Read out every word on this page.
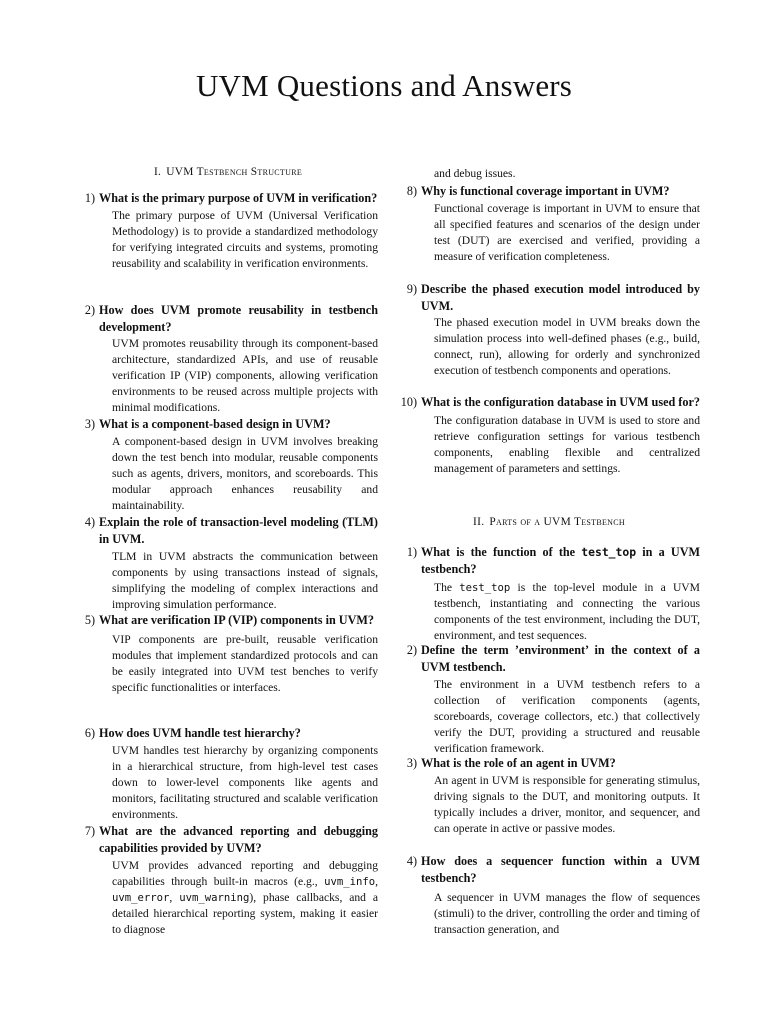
UVM Questions and Answers
I. UVM Testbench Structure
1) What is the primary purpose of UVM in verification?
The primary purpose of UVM (Universal Verification Methodology) is to provide a standardized methodology for verifying integrated circuits and systems, promoting reusability and scalability in verification environments.
2) How does UVM promote reusability in testbench development?
UVM promotes reusability through its component-based architecture, standardized APIs, and use of reusable verification IP (VIP) components, allowing verification environments to be reused across multiple projects with minimal modifications.
3) What is a component-based design in UVM?
A component-based design in UVM involves breaking down the test bench into modular, reusable components such as agents, drivers, monitors, and scoreboards. This modular approach enhances reusability and maintainability.
4) Explain the role of transaction-level modeling (TLM) in UVM.
TLM in UVM abstracts the communication between components by using transactions instead of signals, simplifying the modeling of complex interactions and improving simulation performance.
5) What are verification IP (VIP) components in UVM?
VIP components are pre-built, reusable verification modules that implement standardized protocols and can be easily integrated into UVM test benches to verify specific functionalities or interfaces.
6) How does UVM handle test hierarchy?
UVM handles test hierarchy by organizing components in a hierarchical structure, from high-level test cases down to lower-level components like agents and monitors, facilitating structured and scalable verification environments.
7) What are the advanced reporting and debugging capabilities provided by UVM?
UVM provides advanced reporting and debugging capabilities through built-in macros (e.g., uvm_info, uvm_error, uvm_warning), phase callbacks, and a detailed hierarchical reporting system, making it easier to diagnose
and debug issues.
8) Why is functional coverage important in UVM?
Functional coverage is important in UVM to ensure that all specified features and scenarios of the design under test (DUT) are exercised and verified, providing a measure of verification completeness.
9) Describe the phased execution model introduced by UVM.
The phased execution model in UVM breaks down the simulation process into well-defined phases (e.g., build, connect, run), allowing for orderly and synchronized execution of testbench components and operations.
10) What is the configuration database in UVM used for?
The configuration database in UVM is used to store and retrieve configuration settings for various testbench components, enabling flexible and centralized management of parameters and settings.
II. Parts of a UVM Testbench
1) What is the function of the test_top in a UVM testbench?
The test_top is the top-level module in a UVM testbench, instantiating and connecting the various components of the test environment, including the DUT, environment, and test sequences.
2) Define the term ’environment’ in the context of a UVM testbench.
The environment in a UVM testbench refers to a collection of verification components (agents, scoreboards, coverage collectors, etc.) that collectively verify the DUT, providing a structured and reusable verification framework.
3) What is the role of an agent in UVM?
An agent in UVM is responsible for generating stimulus, driving signals to the DUT, and monitoring outputs. It typically includes a driver, monitor, and sequencer, and can operate in active or passive modes.
4) How does a sequencer function within a UVM testbench?
A sequencer in UVM manages the flow of sequences (stimuli) to the driver, controlling the order and timing of transaction generation, and
